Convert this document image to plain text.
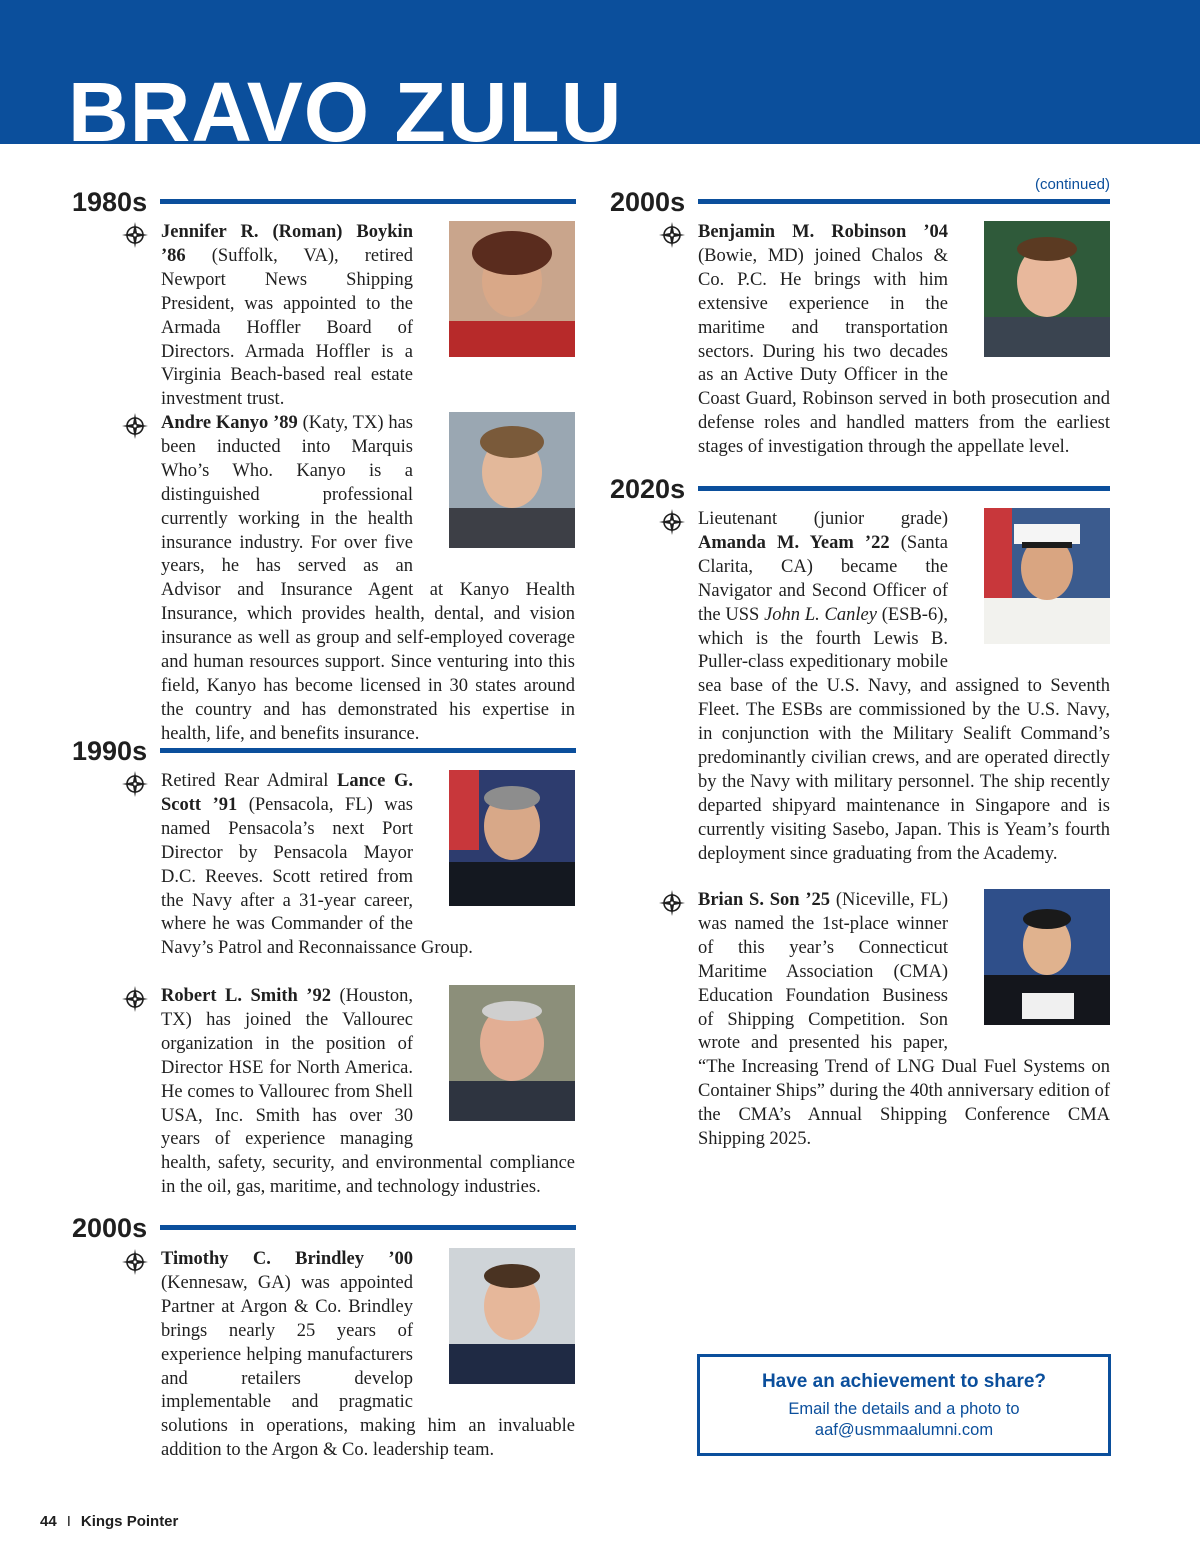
BRAVO ZULU
(continued)
1980s
Jennifer R. (Roman) Boykin ’86 (Suffolk, VA), retired Newport News Shipping President, was appointed to the Armada Hoffler Board of Directors. Armada Hoffler is a Virginia Beach-based real estate investment trust.
Andre Kanyo ’89 (Katy, TX) has been inducted into Marquis Who’s Who. Kanyo is a distinguished professional currently working in the health insurance industry. For over five years, he has served as an Advisor and Insurance Agent at Kanyo Health Insurance, which provides health, dental, and vision insurance as well as group and self-employed coverage and human resources support. Since venturing into this field, Kanyo has become licensed in 30 states around the country and has demonstrated his expertise in health, life, and benefits insurance.
1990s
Retired Rear Admiral Lance G. Scott ’91 (Pensacola, FL) was named Pensacola’s next Port Director by Pensacola Mayor D.C. Reeves. Scott retired from the Navy after a 31-year career, where he was Commander of the Navy’s Patrol and Reconnaissance Group.
Robert L. Smith ’92 (Houston, TX) has joined the Vallourec organization in the position of Director HSE for North America. He comes to Vallourec from Shell USA, Inc. Smith has over 30 years of experience managing health, safety, security, and environmental compliance in the oil, gas, maritime, and technology industries.
2000s
Timothy C. Brindley ’00 (Kennesaw, GA) was appointed Partner at Argon & Co. Brindley brings nearly 25 years of experience helping manufacturers and retailers develop implementable and pragmatic solutions in operations, making him an invaluable addition to the Argon & Co. leadership team.
2000s
Benjamin M. Robinson ’04 (Bowie, MD) joined Chalos & Co. P.C. He brings with him extensive experience in the maritime and transportation sectors. During his two decades as an Active Duty Officer in the Coast Guard, Robinson served in both prosecution and defense roles and handled matters from the earliest stages of investigation through the appellate level.
2020s
Lieutenant (junior grade) Amanda M. Yeam ’22 (Santa Clarita, CA) became the Navigator and Second Officer of the USS John L. Canley (ESB-6), which is the fourth Lewis B. Puller-class expeditionary mobile sea base of the U.S. Navy, and assigned to Seventh Fleet. The ESBs are commissioned by the U.S. Navy, in conjunction with the Military Sealift Command’s predominantly civilian crews, and are operated directly by the Navy with military personnel. The ship recently departed shipyard maintenance in Singapore and is currently visiting Sasebo, Japan. This is Yeam’s fourth deployment since graduating from the Academy.
Brian S. Son ’25 (Niceville, FL) was named the 1st-place winner of this year’s Connecticut Maritime Association (CMA) Education Foundation Business of Shipping Competition. Son wrote and presented his paper, “The Increasing Trend of LNG Dual Fuel Systems on Container Ships” during the 40th anniversary edition of the CMA’s Annual Shipping Conference CMA Shipping 2025.
Have an achievement to share?
Email the details and a photo to
aaf@usmmaalumni.com
44 I Kings Pointer
